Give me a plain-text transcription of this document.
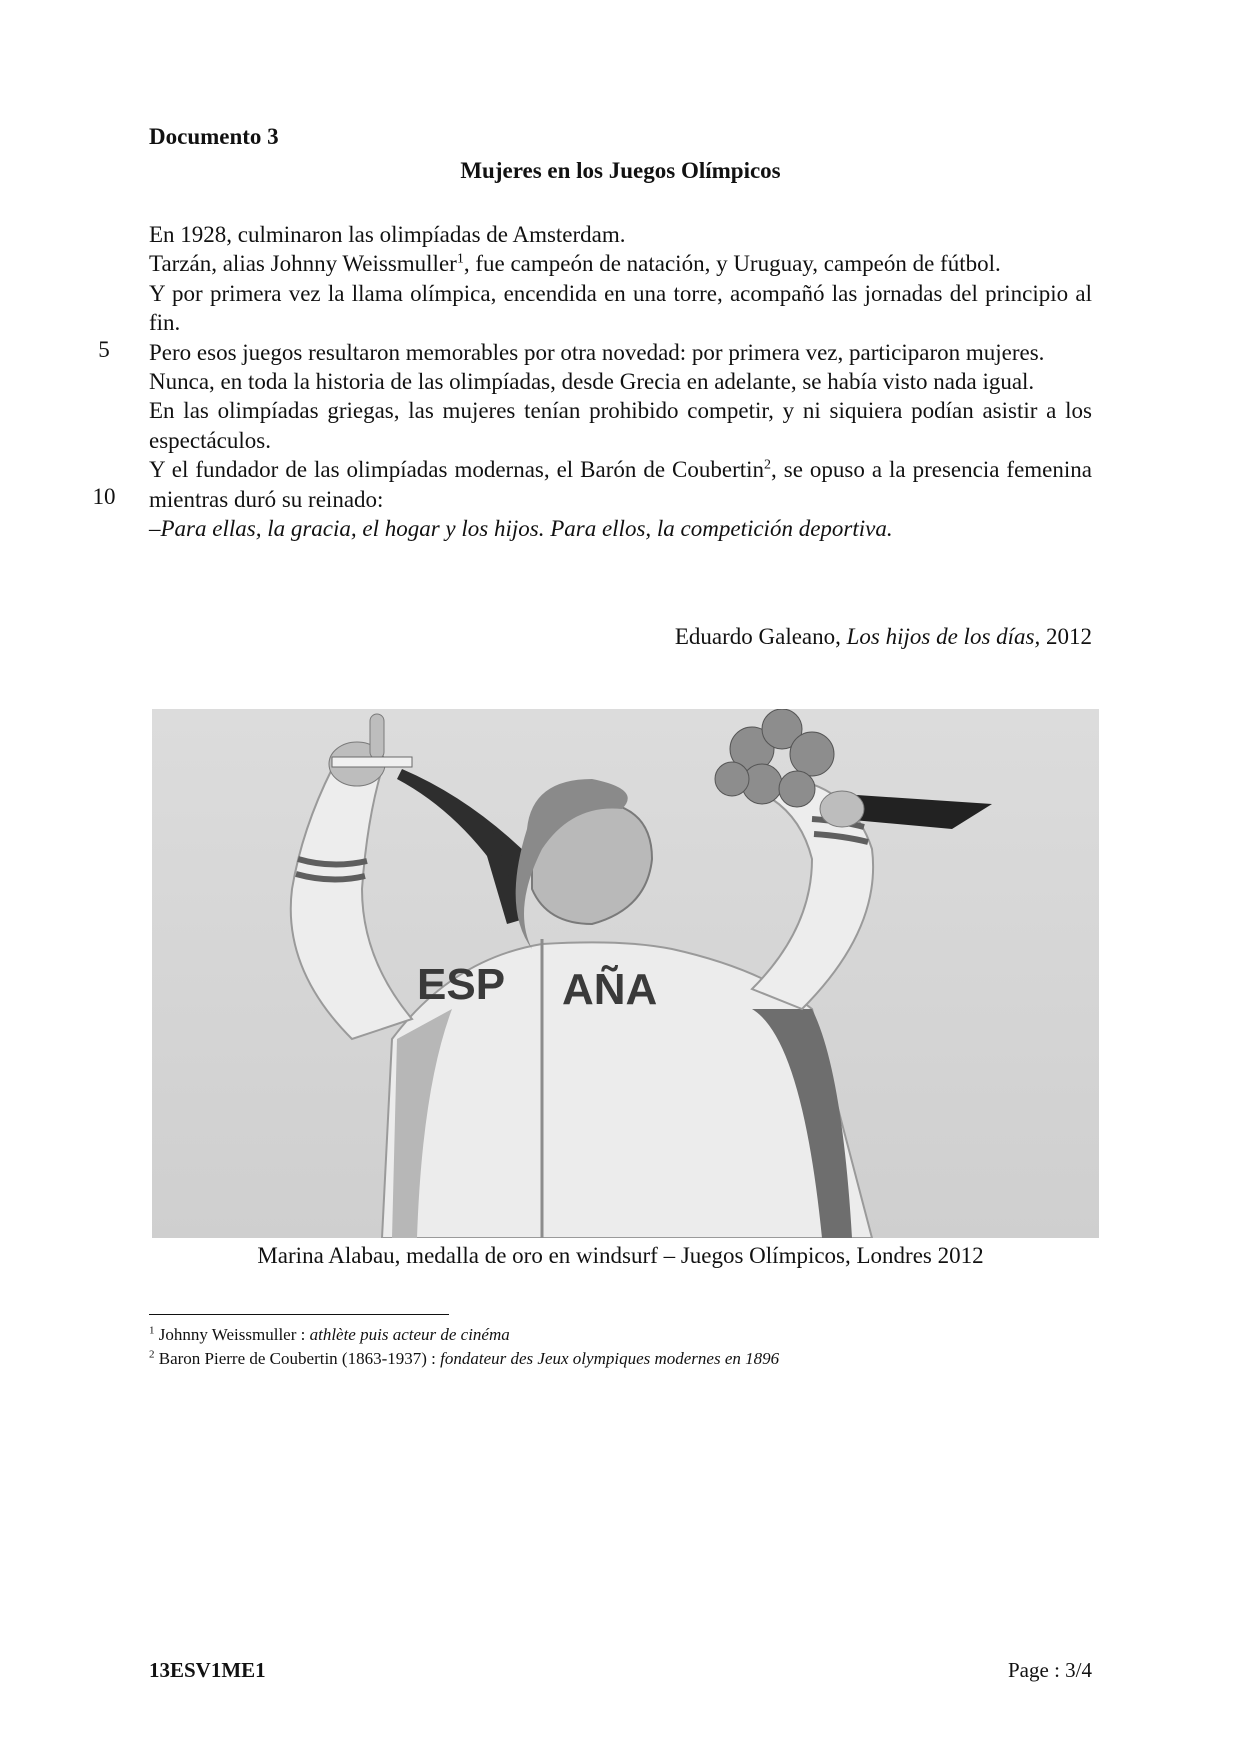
Documento 3
Mujeres en los Juegos Olímpicos

En 1928, culminaron las olimpíadas de Amsterdam.

Tarzán, alias Johnny Weissmuller$^1$, fue campeón de natación, y Uruguay, campeón de fútbol.

Y por primera vez la llama olímpica, encendida en una torre, acompañó las jornadas del principio al fin.

Pero esos juegos resultaron memorables por otra novedad: por primera vez, participaron mujeres.

Nunca, en toda la historia de las olimpíadas, desde Grecia en adelante, se había visto nada igual.

En las olimpíadas griegas, las mujeres tenían prohibido competir, y ni siquiera podían asistir a los espectáculos.

Y el fundador de las olimpíadas modernas, el Barón de Coubertin$^2$, se opuso a la presencia femenina mientras duró su reinado:

–Para ellas, la gracia, el hogar y los hijos. Para ellos, la competición deportiva.

5
10
Eduardo Galeano, Los hijos de los días, 2012
ESP AÑA
Marina Alabau, medalla de oro en windsurf – Juegos Olímpicos, Londres 2012
$^1$ Johnny Weissmuller : athlète puis acteur de cinéma
$^2$ Baron Pierre de Coubertin (1863-1937) : fondateur des Jeux olympiques modernes en 1896
13ESV1ME1	Page : 3/4
